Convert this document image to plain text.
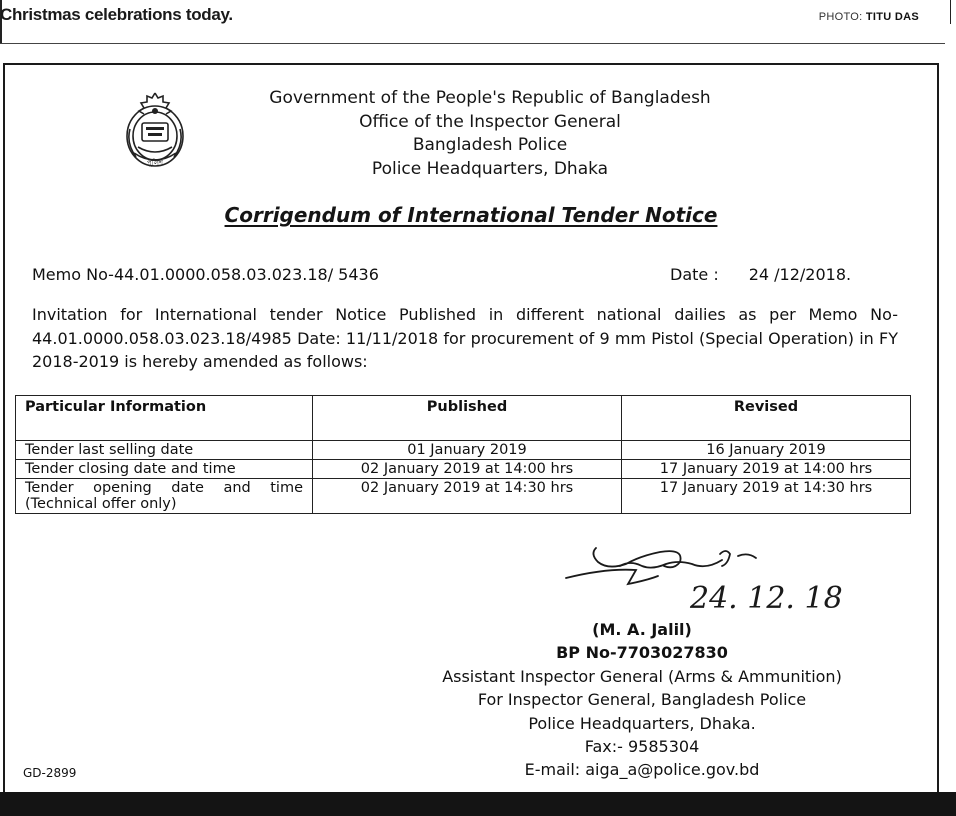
Christmas celebrations today.	PHOTO: TITU DAS
পুলিশ
Government of the People's Republic of Bangladesh
Office of the Inspector General
Bangladesh Police
Police Headquarters, Dhaka
Corrigendum of International Tender Notice
Memo No-44.01.0000.058.03.023.18/ 5436	Date : 24 /12/2018.
Invitation for International tender Notice Published in different national dailies as per Memo No-44.01.0000.058.03.023.18/4985 Date: 11/11/2018 for procurement of 9 mm Pistol (Special Operation) in FY 2018-2019 is hereby amended as follows:
Particular Information	Published	Revised
Tender last selling date	01 January 2019	16 January 2019
Tender closing date and time	02 January 2019 at 14:00 hrs	17 January 2019 at 14:00 hrs
Tender opening date and time (Technical offer only)	02 January 2019 at 14:30 hrs	17 January 2019 at 14:30 hrs
24. 12. 18
(M. A. Jalil)
BP No-7703027830
Assistant Inspector General (Arms & Ammunition)
For Inspector General, Bangladesh Police
Police Headquarters, Dhaka.
Fax:- 9585304
E-mail: aiga_a@police.gov.bd
GD-2899
